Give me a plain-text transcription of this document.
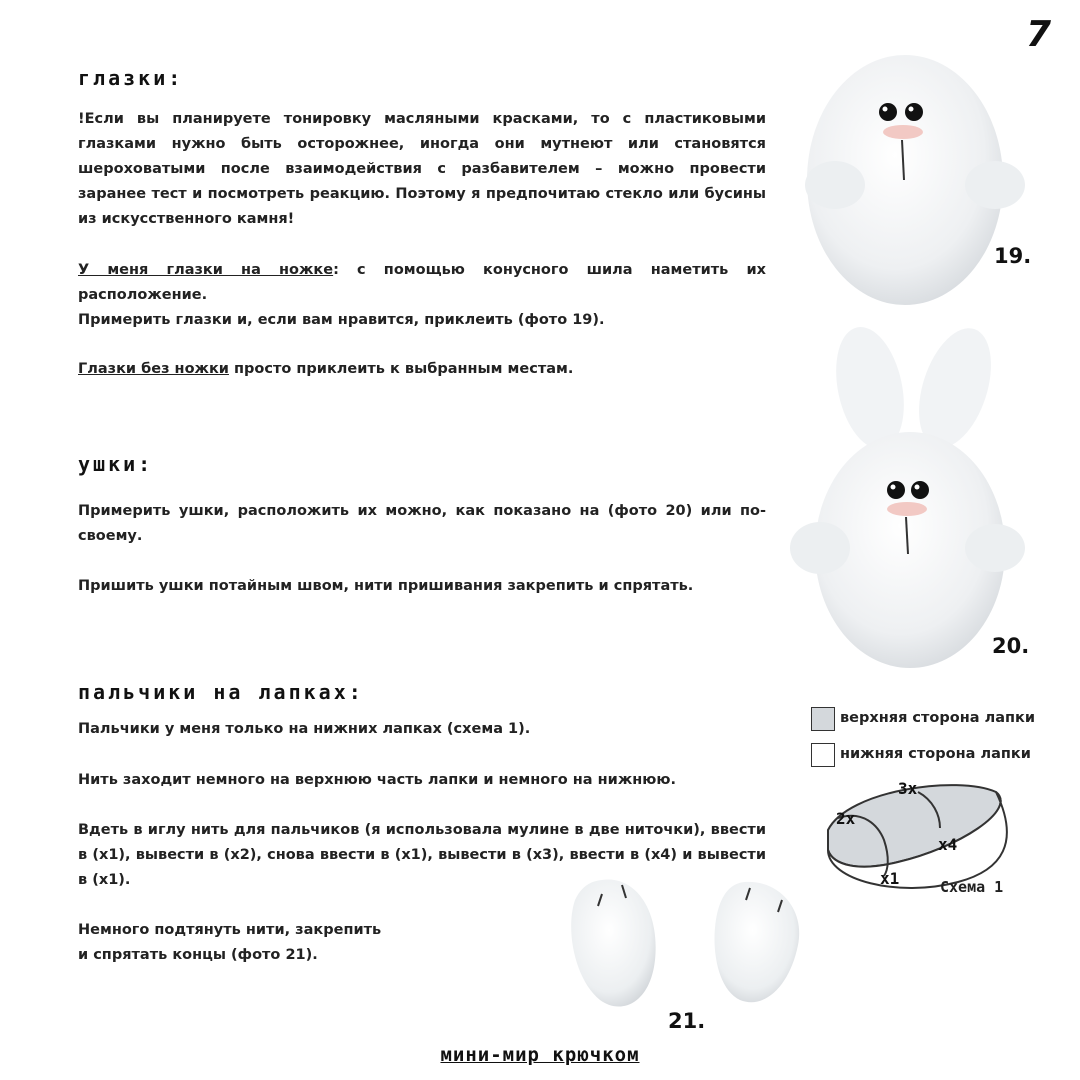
7
глазки:

!Если вы планируете тонировку масляными красками, то с пластиковыми глазками нужно быть осторожнее, иногда они мутнеют или становятся шероховатыми после взаимодействия с разбавителем – можно провести заранее тест и посмотреть реакцию. Поэтому я предпочитаю стекло или бусины из искусственного камня!

У меня глазки на ножке: с помощью конусного шила наметить их расположение.

Примерить глазки и, если вам нравится, приклеить (фото 19).

Глазки без ножки просто приклеить к выбранным местам.

ушки:

Примерить ушки, расположить их можно, как показано на (фото 20) или по-своему.

Пришить ушки потайным швом, нити пришивания закрепить и спрятать.

пальчики на лапках:

Пальчики у меня только на нижних лапках (схема 1).

Нить заходит немного на верхнюю часть лапки и немного на нижнюю.

Вдеть в иглу нить для пальчиков (я использовала мулине в две ниточки), ввести в (x1), вывести в (x2), снова ввести в (x1), вывести в (x3), ввести в (x4) и вывести в (x1).

Немного подтянуть нити, закрепить

и спрятать концы (фото 21).

19.
20.
верхняя сторона лапки
нижняя сторона лапки
3x
2x
x4
x1	Схема 1
21.
мини-мир крючком
